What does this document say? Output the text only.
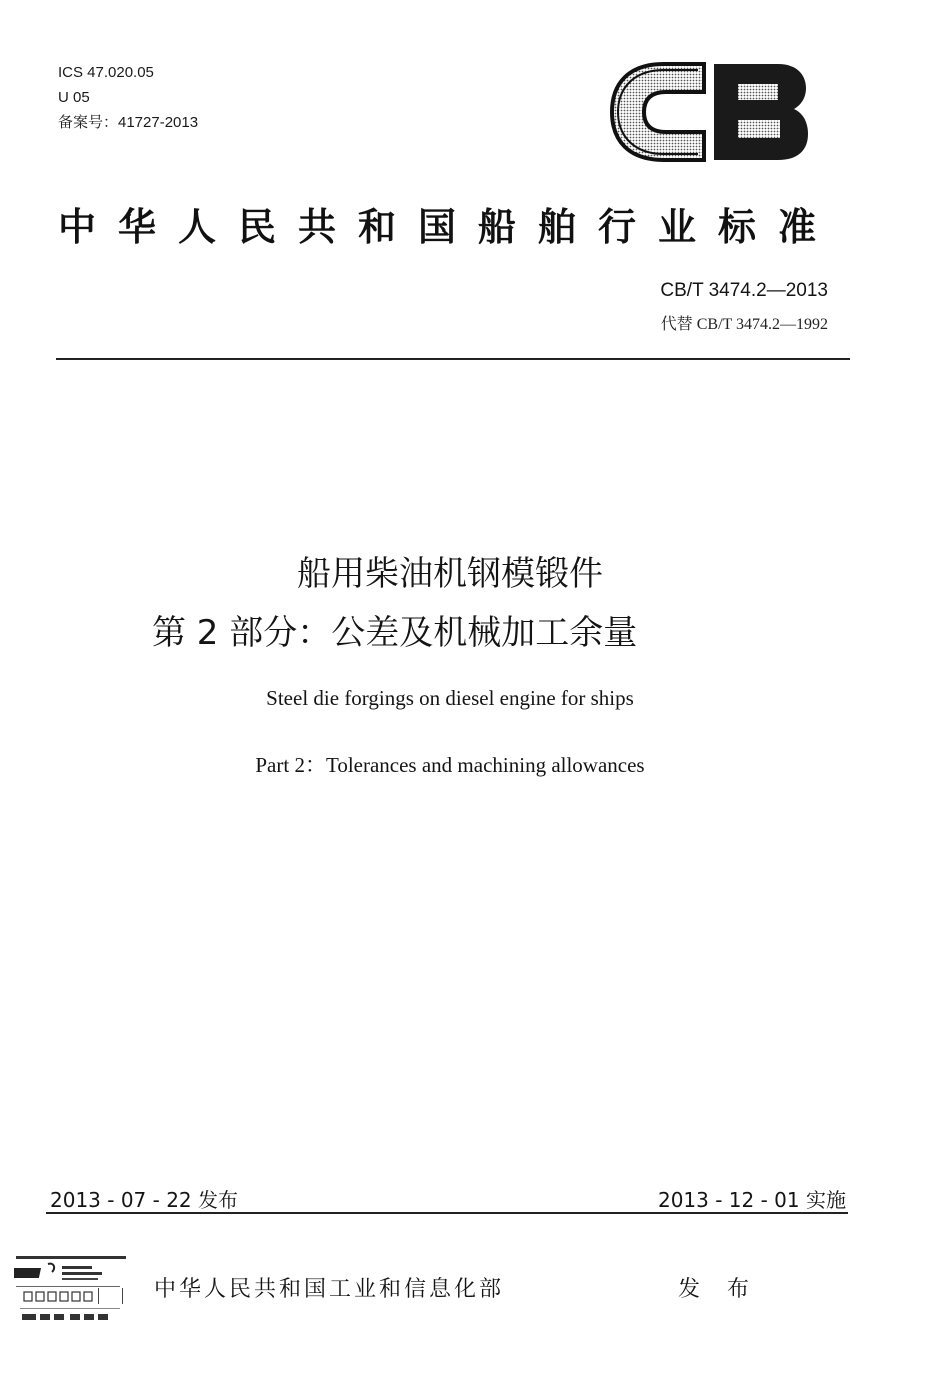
ICS 47.020.05
U 05
备案号：41727-2013
中华人民共和国船舶行业标准
CB/T 3474.2—2013
代替 CB/T 3474.2—1992
船用柴油机钢模锻件
第 2 部分：公差及机械加工余量
Steel die forgings on diesel engine for ships
Part 2：Tolerances and machining allowances
2013 - 07 - 22 发布	2013 - 12 - 01 实施
中华人民共和国工业和信息化部	发 布
